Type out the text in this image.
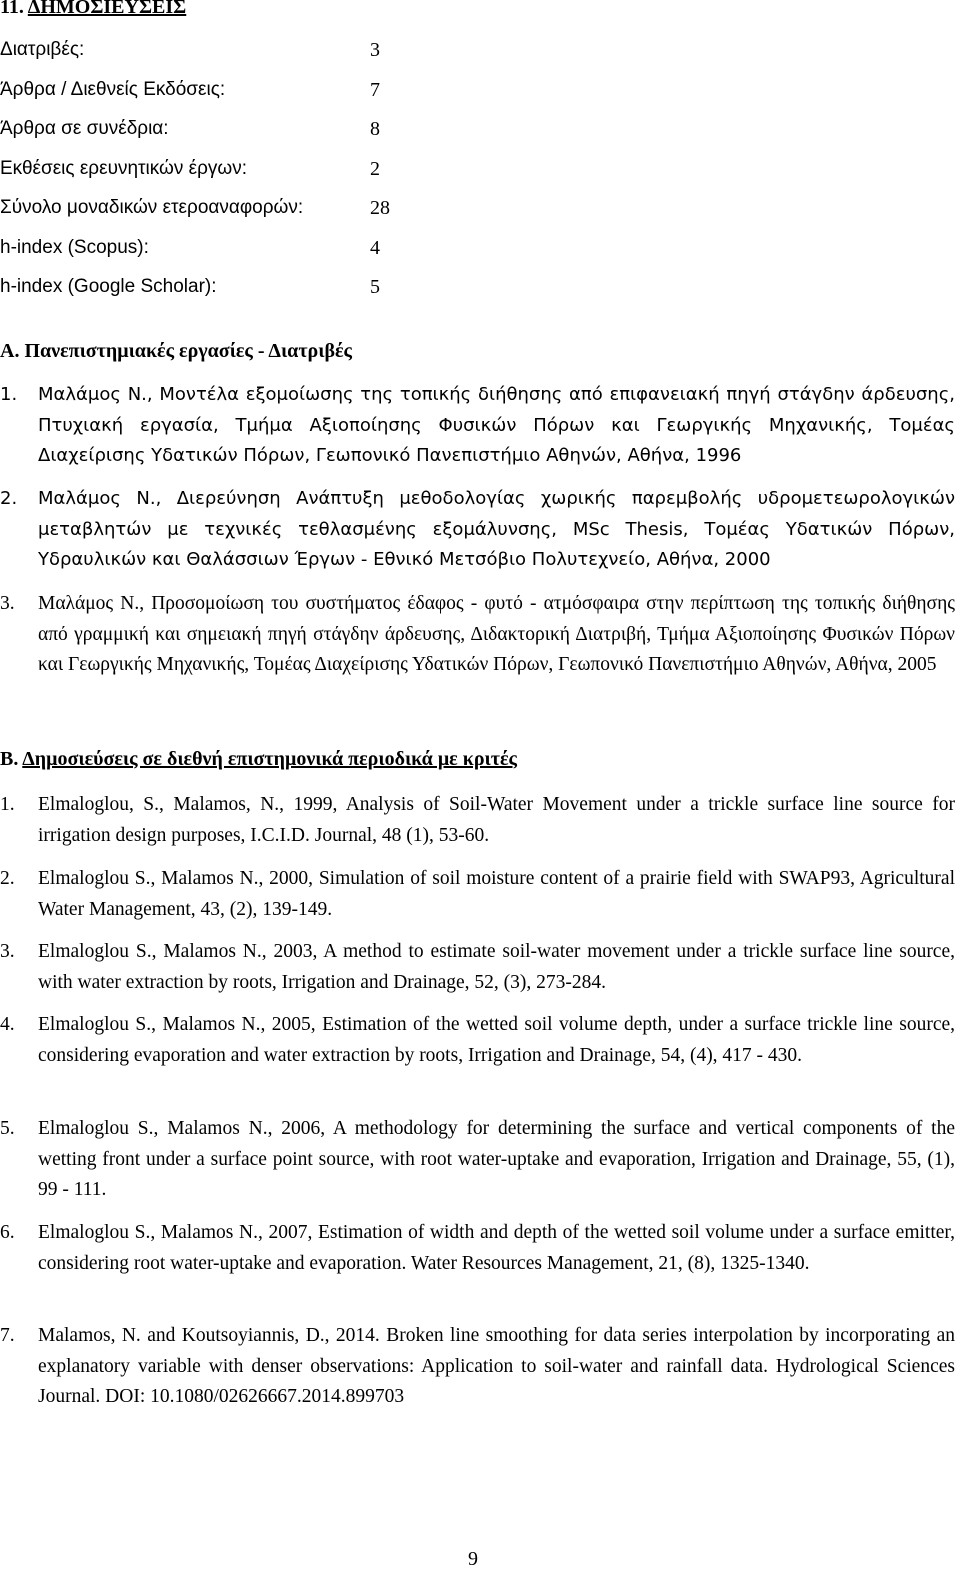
11. ΔΗΜΟΣΙΕΥΣΕΙΣ
Διατριβές:	3
Άρθρα / Διεθνείς Εκδόσεις:	7
Άρθρα σε συνέδρια:	8
Εκθέσεις ερευνητικών έργων:	2
Σύνολο μοναδικών ετεροαναφορών:	28
h-index (Scopus):	4
h-index (Google Scholar):	5
Α. Πανεπιστημιακές εργασίες - Διατριβές
1. Μαλάμος Ν., Μοντέλα εξομοίωσης της τοπικής διήθησης από επιφανειακή πηγή στάγδην άρδευσης, Πτυχιακή εργασία, Τμήμα Αξιοποίησης Φυσικών Πόρων και Γεωργικής Μηχανικής, Τομέας Διαχείρισης Υδατικών Πόρων, Γεωπονικό Πανεπιστήμιο Αθηνών, Αθήνα, 1996
2. Μαλάμος Ν., Διερεύνηση Ανάπτυξη μεθοδολογίας χωρικής παρεμβολής υδρομετεωρολογικών μεταβλητών με τεχνικές τεθλασμένης εξομάλυνσης, MSc Thesis, Τομέας Υδατικών Πόρων, Υδραυλικών και Θαλάσσιων Έργων - Εθνικό Μετσόβιο Πολυτεχνείο, Αθήνα, 2000
3. Μαλάμος Ν., Προσομοίωση του συστήματος έδαφος - φυτό - ατμόσφαιρα στην περίπτωση της τοπικής διήθησης από γραμμική και σημειακή πηγή στάγδην άρδευσης, Διδακτορική Διατριβή, Τμήμα Αξιοποίησης Φυσικών Πόρων και Γεωργικής Μηχανικής, Τομέας Διαχείρισης Υδατικών Πόρων, Γεωπονικό Πανεπιστήμιο Αθηνών, Αθήνα, 2005
Β. Δημοσιεύσεις σε διεθνή επιστημονικά περιοδικά με κριτές
1. Elmaloglou, S., Malamos, N., 1999, Analysis of Soil-Water Movement under a trickle surface line source for irrigation design purposes, I.C.I.D. Journal, 48 (1), 53-60.
2. Elmaloglou S., Malamos N., 2000, Simulation of soil moisture content of a prairie field with SWAP93, Agricultural Water Management, 43, (2), 139-149.
3. Elmaloglou S., Malamos N., 2003, A method to estimate soil-water movement under a trickle surface line source, with water extraction by roots, Irrigation and Drainage, 52, (3), 273-284.
4. Elmaloglou S., Malamos N., 2005, Estimation of the wetted soil volume depth, under a surface trickle line source, considering evaporation and water extraction by roots, Irrigation and Drainage, 54, (4), 417 - 430.
5. Elmaloglou S., Malamos N., 2006, A methodology for determining the surface and vertical components of the wetting front under a surface point source, with root water-uptake and evaporation, Irrigation and Drainage, 55, (1), 99 - 111.
6. Elmaloglou S., Malamos N., 2007, Estimation of width and depth of the wetted soil volume under a surface emitter, considering root water-uptake and evaporation. Water Resources Management, 21, (8), 1325-1340.
7. Malamos, N. and Koutsoyiannis, D., 2014. Broken line smoothing for data series interpolation by incorporating an explanatory variable with denser observations: Application to soil-water and rainfall data. Hydrological Sciences Journal. DOI: 10.1080/02626667.2014.899703
9
